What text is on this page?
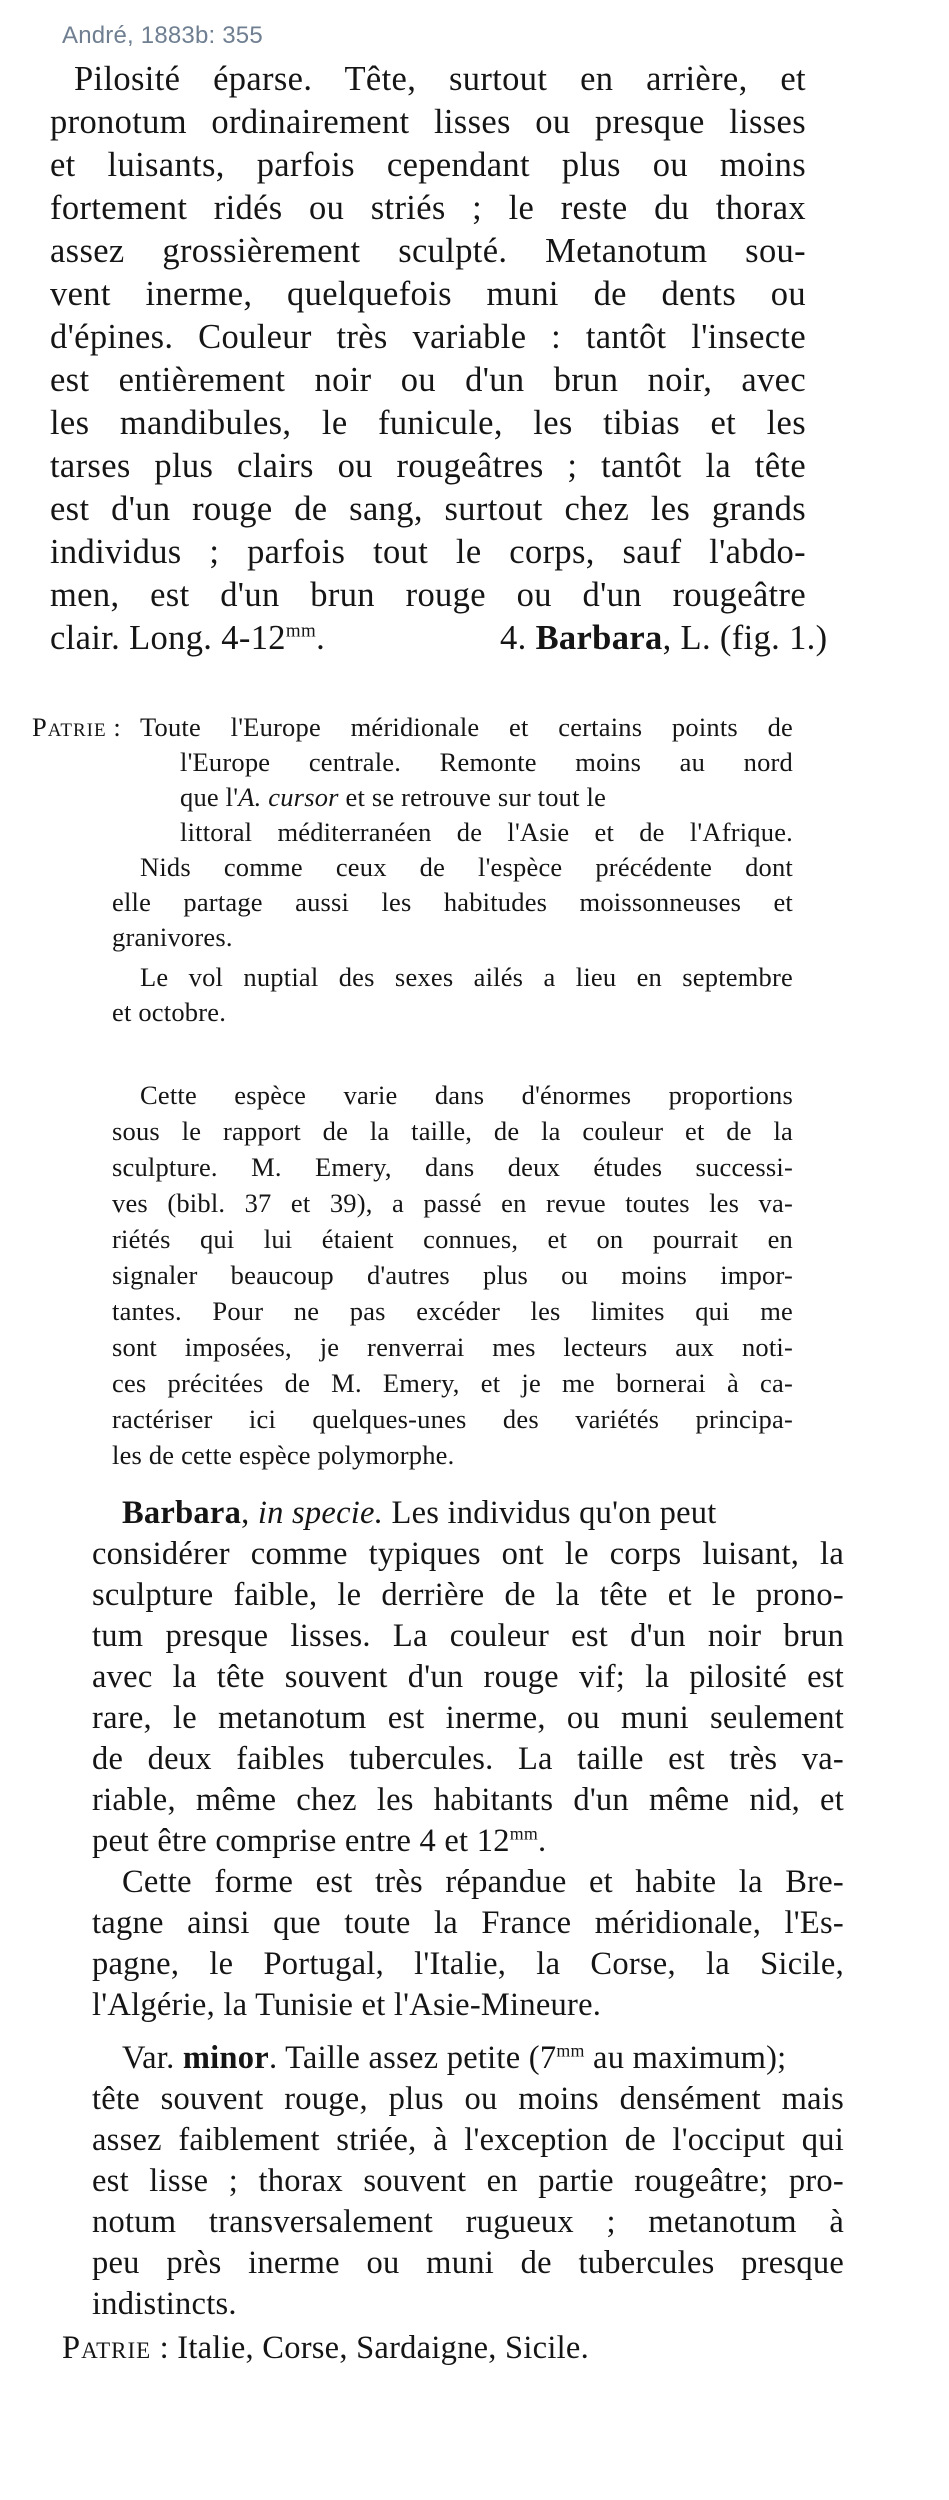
André, 1883b: 355
Pilosité éparse. Tête, surtout en arrière, et
pronotum ordinairement lisses ou presque lisses
et luisants, parfois cependant plus ou moins
fortement ridés ou striés ; le reste du thorax
assez grossièrement sculpté. Metanotum sou-
vent inerme, quelquefois muni de dents ou
d'épines. Couleur très variable : tantôt l'insecte
est entièrement noir ou d'un brun noir, avec
les mandibules, le funicule, les tibias et les
tarses plus clairs ou rougeâtres ; tantôt la tête
est d'un rouge de sang, surtout chez les grands
individus ; parfois tout le corps, sauf l'abdo-
men, est d'un brun rouge ou d'un rougeâtre
clair. Long. $4-12^{mm}$.	4. Barbara, L. (fig. 1.)
Patrie : Toute l'Europe méridionale et certains points de
l'Europe centrale. Remonte moins au nord
que l'A. cursor et se retrouve sur tout le
littoral méditerranéen de l'Asie et de l'Afrique.
Nids comme ceux de l'espèce précédente dont
elle partage aussi les habitudes moissonneuses et
granivores.
Le vol nuptial des sexes ailés a lieu en septembre
et octobre.
Cette espèce varie dans d'énormes proportions
sous le rapport de la taille, de la couleur et de la
sculpture. M. Emery, dans deux études successi-
ves (bibl. 37 et 39), a passé en revue toutes les va-
riétés qui lui étaient connues, et on pourrait en
signaler beaucoup d'autres plus ou moins impor-
tantes. Pour ne pas excéder les limites qui me
sont imposées, je renverrai mes lecteurs aux noti-
ces précitées de M. Emery, et je me bornerai à ca-
ractériser ici quelques-unes des variétés principa-
les de cette espèce polymorphe.
Barbara, in specie. Les individus qu'on peut
considérer comme typiques ont le corps luisant, la
sculpture faible, le derrière de la tête et le prono-
tum presque lisses. La couleur est d'un noir brun
avec la tête souvent d'un rouge vif; la pilosité est
rare, le metanotum est inerme, ou muni seulement
de deux faibles tubercules. La taille est très va-
riable, même chez les habitants d'un même nid, et
peut être comprise entre 4 et $12^{mm}$.
Cette forme est très répandue et habite la Bre-
tagne ainsi que toute la France méridionale, l'Es-
pagne, le Portugal, l'Italie, la Corse, la Sicile,
l'Algérie, la Tunisie et l'Asie-Mineure.
Var. minor. Taille assez petite ($7^{mm}$ au maximum);
tête souvent rouge, plus ou moins densément mais
assez faiblement striée, à l'exception de l'occiput qui
est lisse ; thorax souvent en partie rougeâtre; pro-
notum transversalement rugueux ; metanotum à
peu près inerme ou muni de tubercules presque
indistincts.
Patrie : Italie, Corse, Sardaigne, Sicile.
